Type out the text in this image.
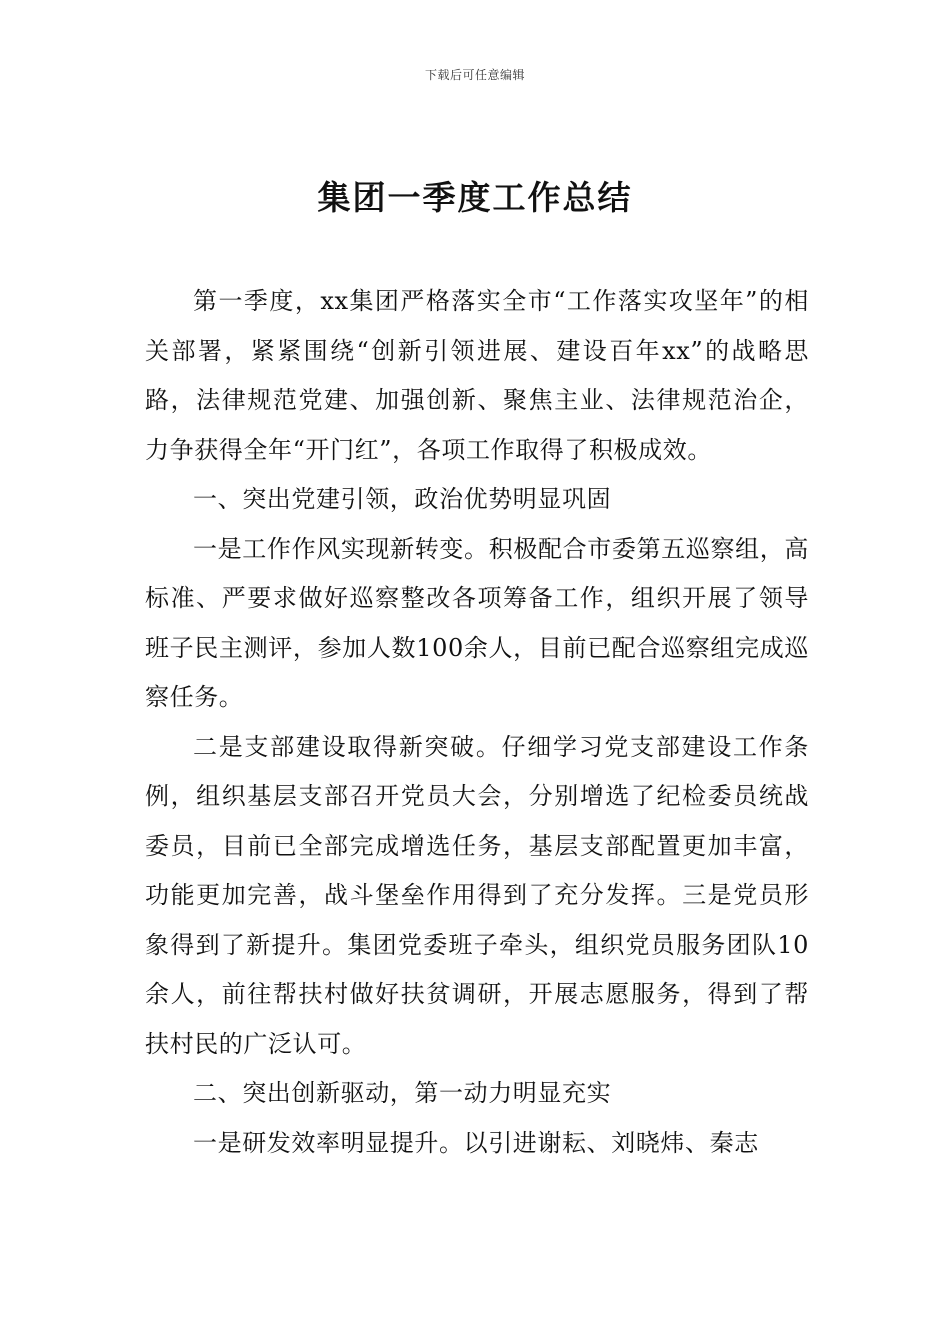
下载后可任意编辑
集团一季度工作总结

第一季度，xx集团严格落实全市“工作落实攻坚年”的相关部署，紧紧围绕“创新引领进展、建设百年xx”的战略思路，法律规范党建、加强创新、聚焦主业、法律规范治企，力争获得全年“开门红”，各项工作取得了积极成效。

一、突出党建引领，政治优势明显巩固

一是工作作风实现新转变。积极配合市委第五巡察组，高标准、严要求做好巡察整改各项筹备工作，组织开展了领导班子民主测评，参加人数100余人，目前已配合巡察组完成巡察任务。

二是支部建设取得新突破。仔细学习党支部建设工作条例，组织基层支部召开党员大会，分别增选了纪检委员统战委员，目前已全部完成增选任务，基层支部配置更加丰富，功能更加完善，战斗堡垒作用得到了充分发挥。三是党员形象得到了新提升。集团党委班子牵头，组织党员服务团队10余人，前往帮扶村做好扶贫调研，开展志愿服务，得到了帮扶村民的广泛认可。

二、突出创新驱动，第一动力明显充实

一是研发效率明显提升。以引进谢耘、刘晓炜、秦志
